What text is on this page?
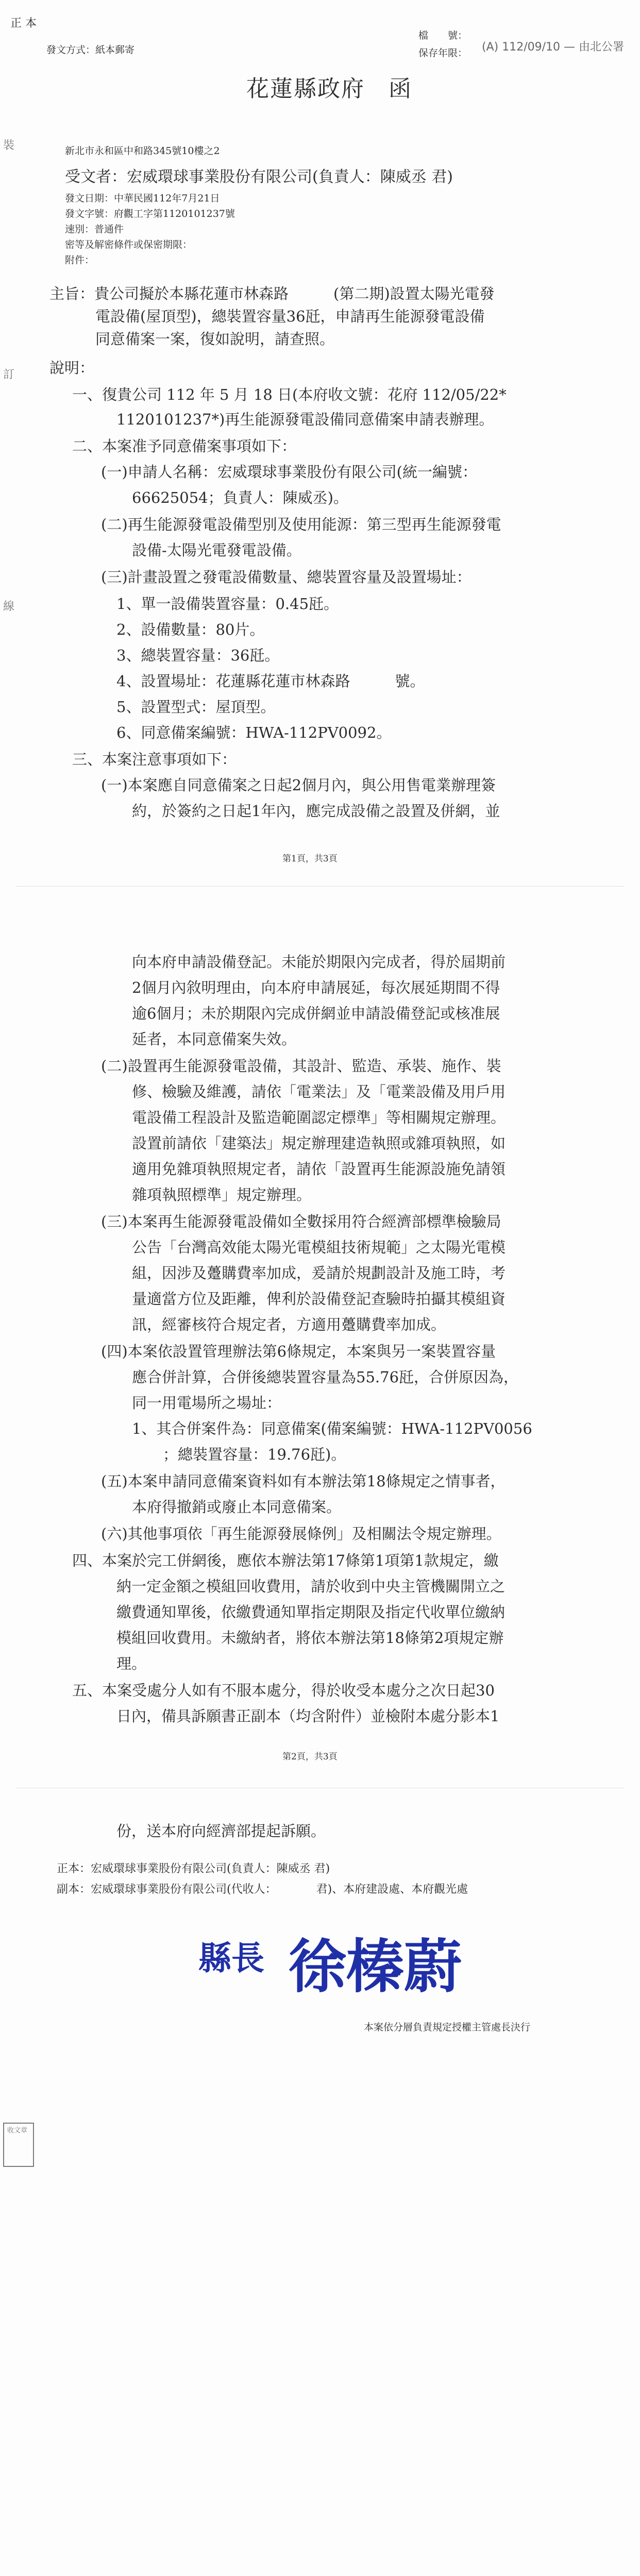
正 本
發文方式：紙本郵寄
檔　　號：
保存年限： (A) 112/09/10 — 由北公署
花蓮縣政府　函
新北市永和區中和路345號10樓之2
受文者：宏威環球事業股份有限公司(負責人：陳威丞 君)
發文日期：中華民國112年7月21日
發文字號：府觀工字第1120101237號
速別：普通件
密等及解密條件或保密期限：
附件：
裝
訂
線
主旨：貴公司擬於本縣花蓮市林森路　　　(第二期)設置太陽光電發
電設備(屋頂型)，總裝置容量36瓩，申請再生能源發電設備
同意備案一案，復如說明，請查照。
說明：
一、復貴公司 112 年 5 月 18 日(本府收文號：花府 112/05/22*
1120101237*)再生能源發電設備同意備案申請表辦理。
二、本案准予同意備案事項如下：
(一)申請人名稱：宏威環球事業股份有限公司(統一編號：
66625054；負責人：陳威丞)。
(二)再生能源發電設備型別及使用能源：第三型再生能源發電
設備-太陽光電發電設備。
(三)計畫設置之發電設備數量、總裝置容量及設置場址：
1、單一設備裝置容量：0.45瓩。
2、設備數量：80片。
3、總裝置容量：36瓩。
4、設置場址：花蓮縣花蓮市林森路　　　號。
5、設置型式：屋頂型。
6、同意備案編號：HWA-112PV0092。
三、本案注意事項如下：
(一)本案應自同意備案之日起2個月內，與公用售電業辦理簽
約，於簽約之日起1年內，應完成設備之設置及併網，並
第1頁，共3頁
向本府申請設備登記。未能於期限內完成者，得於屆期前
2個月內敘明理由，向本府申請展延，每次展延期間不得
逾6個月；未於期限內完成併網並申請設備登記或核准展
延者，本同意備案失效。
(二)設置再生能源發電設備，其設計、監造、承裝、施作、裝
修、檢驗及維護，請依「電業法」及「電業設備及用戶用
電設備工程設計及監造範圍認定標準」等相關規定辦理。
設置前請依「建築法」規定辦理建造執照或雜項執照，如
適用免雜項執照規定者，請依「設置再生能源設施免請領
雜項執照標準」規定辦理。
(三)本案再生能源發電設備如全數採用符合經濟部標準檢驗局
公告「台灣高效能太陽光電模組技術規範」之太陽光電模
組，因涉及躉購費率加成，爰請於規劃設計及施工時，考
量適當方位及距離，俾利於設備登記查驗時拍攝其模組資
訊，經審核符合規定者，方適用躉購費率加成。
(四)本案依設置管理辦法第6條規定，本案與另一案裝置容量
應合併計算，合併後總裝置容量為55.76瓩，合併原因為，
同一用電場所之場址：
1、其合併案件為：同意備案(備案編號：HWA-112PV0056
；總裝置容量：19.76瓩)。
(五)本案申請同意備案資料如有本辦法第18條規定之情事者，
本府得撤銷或廢止本同意備案。
(六)其他事項依「再生能源發展條例」及相關法令規定辦理。
四、本案於完工併網後，應依本辦法第17條第1項第1款規定，繳
納一定金額之模組回收費用，請於收到中央主管機關開立之
繳費通知單後，依繳費通知單指定期限及指定代收單位繳納
模組回收費用。未繳納者，將依本辦法第18條第2項規定辦
理。
五、本案受處分人如有不服本處分，得於收受本處分之次日起30
日內，備具訴願書正副本（均含附件）並檢附本處分影本1
第2頁，共3頁
份，送本府向經濟部提起訴願。
正本：宏威環球事業股份有限公司(負責人：陳威丞 君)
副本：宏威環球事業股份有限公司(代收人：　　　　君)、本府建設處、本府觀光處
縣長 徐榛蔚
本案依分層負責規定授權主管處長決行
收文章
